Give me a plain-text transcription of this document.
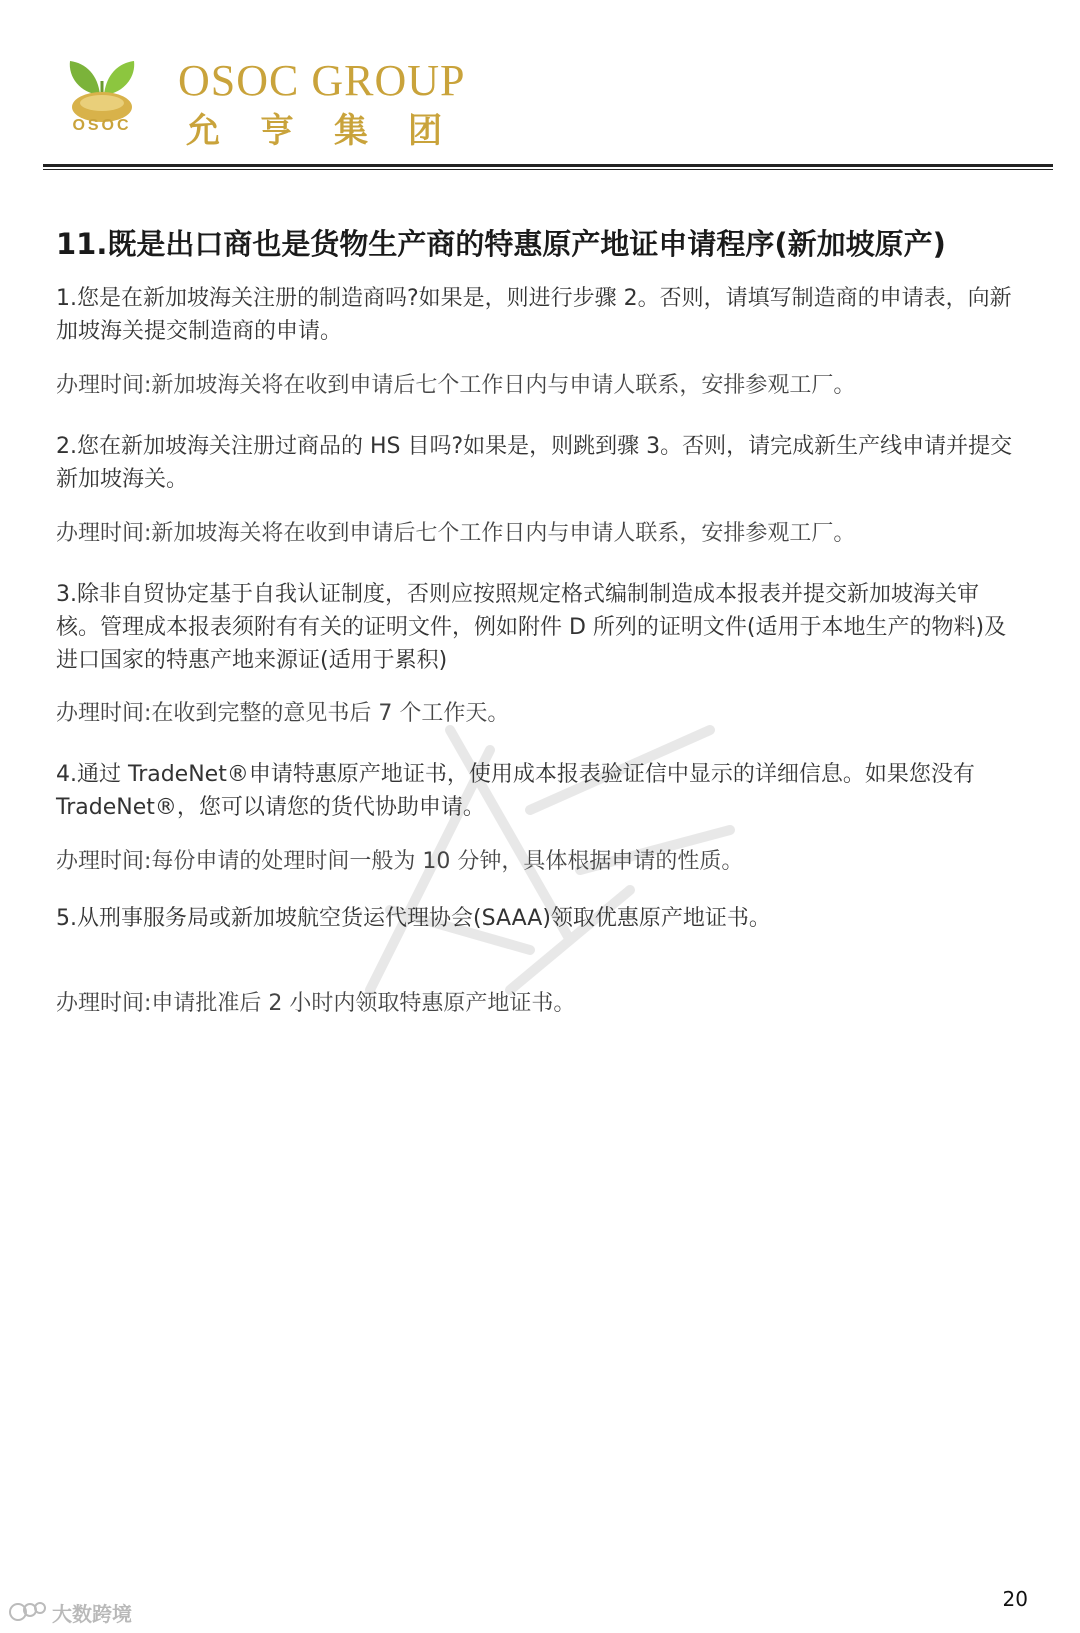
OSOC
OSOC GROUP
允亨集团
11.既是出口商也是货物生产商的特惠原产地证申请程序(新加坡原产)
1.您是在新加坡海关注册的制造商吗?如果是，则进行步骤 2。否则，请填写制造商的申请表，向新加坡海关提交制造商的申请。
办理时间:新加坡海关将在收到申请后七个工作日内与申请人联系，安排参观工厂。
2.您在新加坡海关注册过商品的 HS 目吗?如果是，则跳到骤 3。否则，请完成新生产线申请并提交新加坡海关。
办理时间:新加坡海关将在收到申请后七个工作日内与申请人联系，安排参观工厂。
3.除非自贸协定基于自我认证制度，否则应按照规定格式编制制造成本报表并提交新加坡海关审核。管理成本报表须附有有关的证明文件，例如附件 D 所列的证明文件(适用于本地生产的物料)及进口国家的特惠产地来源证(适用于累积)
办理时间:在收到完整的意见书后 7 个工作天。
4.通过 TradeNet®申请特惠原产地证书，使用成本报表验证信中显示的详细信息。如果您没有 TradeNet®，您可以请您的货代协助申请。
办理时间:每份申请的处理时间一般为 10 分钟，具体根据申请的性质。
5.从刑事服务局或新加坡航空货运代理协会(SAAA)领取优惠原产地证书。
办理时间:申请批准后 2 小时内领取特惠原产地证书。
20
大数跨境
